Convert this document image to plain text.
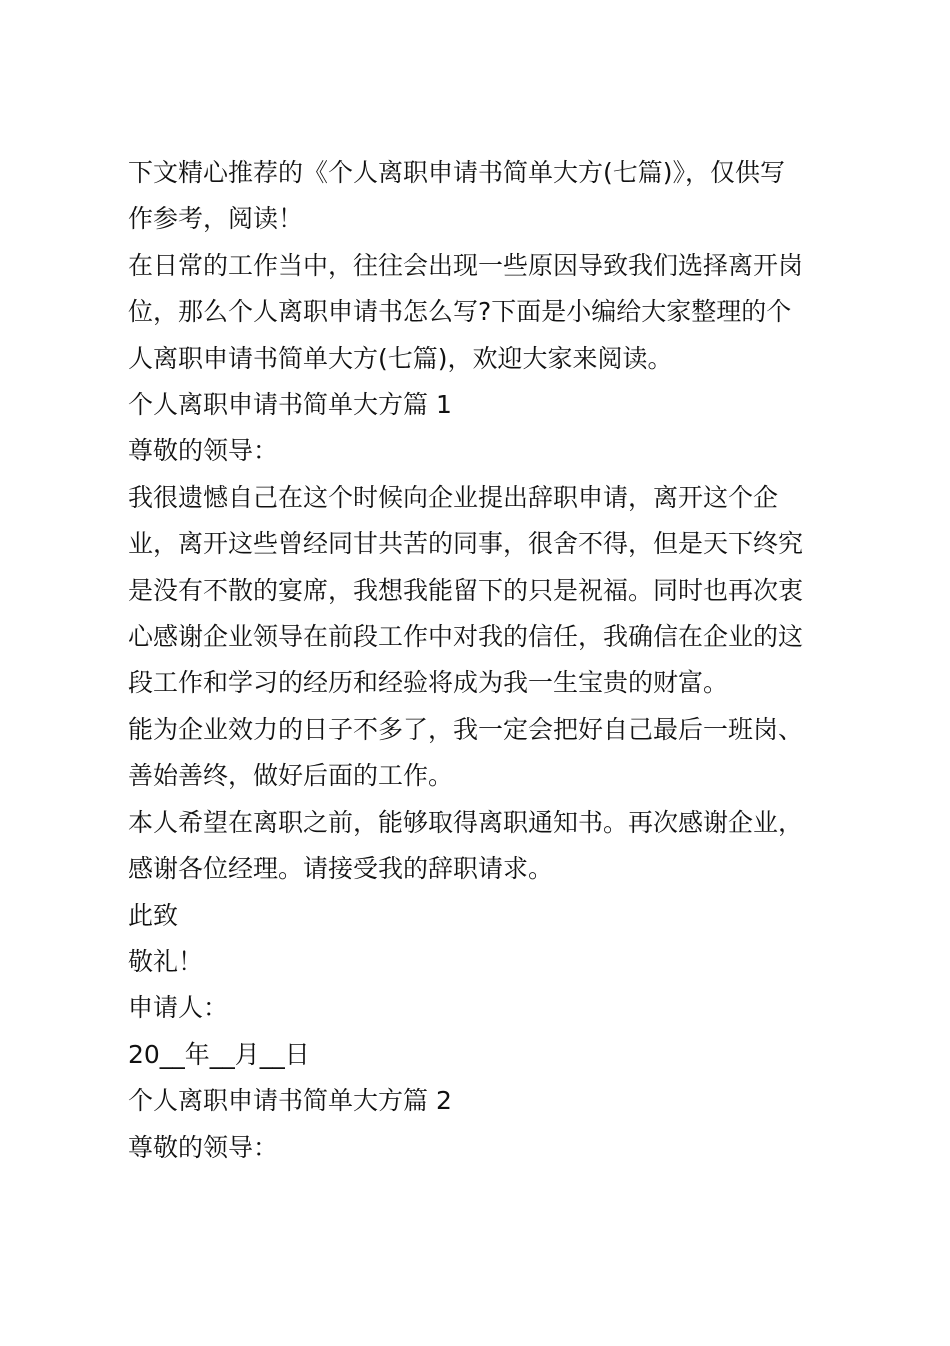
下文精心推荐的《个人离职申请书简单大方(七篇)》，仅供写

作参考，阅读！

在日常的工作当中，往往会出现一些原因导致我们选择离开岗

位，那么个人离职申请书怎么写?下面是小编给大家整理的个

人离职申请书简单大方(七篇)，欢迎大家来阅读。

个人离职申请书简单大方篇 1

尊敬的领导：

我很遗憾自己在这个时候向企业提出辞职申请，离开这个企

业，离开这些曾经同甘共苦的同事，很舍不得，但是天下终究

是没有不散的宴席，我想我能留下的只是祝福。同时也再次衷

心感谢企业领导在前段工作中对我的信任，我确信在企业的这

段工作和学习的经历和经验将成为我一生宝贵的财富。

能为企业效力的日子不多了，我一定会把好自己最后一班岗、

善始善终，做好后面的工作。

本人希望在离职之前，能够取得离职通知书。再次感谢企业，

感谢各位经理。请接受我的辞职请求。

此致

敬礼！

申请人：

20__年__月__日

个人离职申请书简单大方篇 2

尊敬的领导：
